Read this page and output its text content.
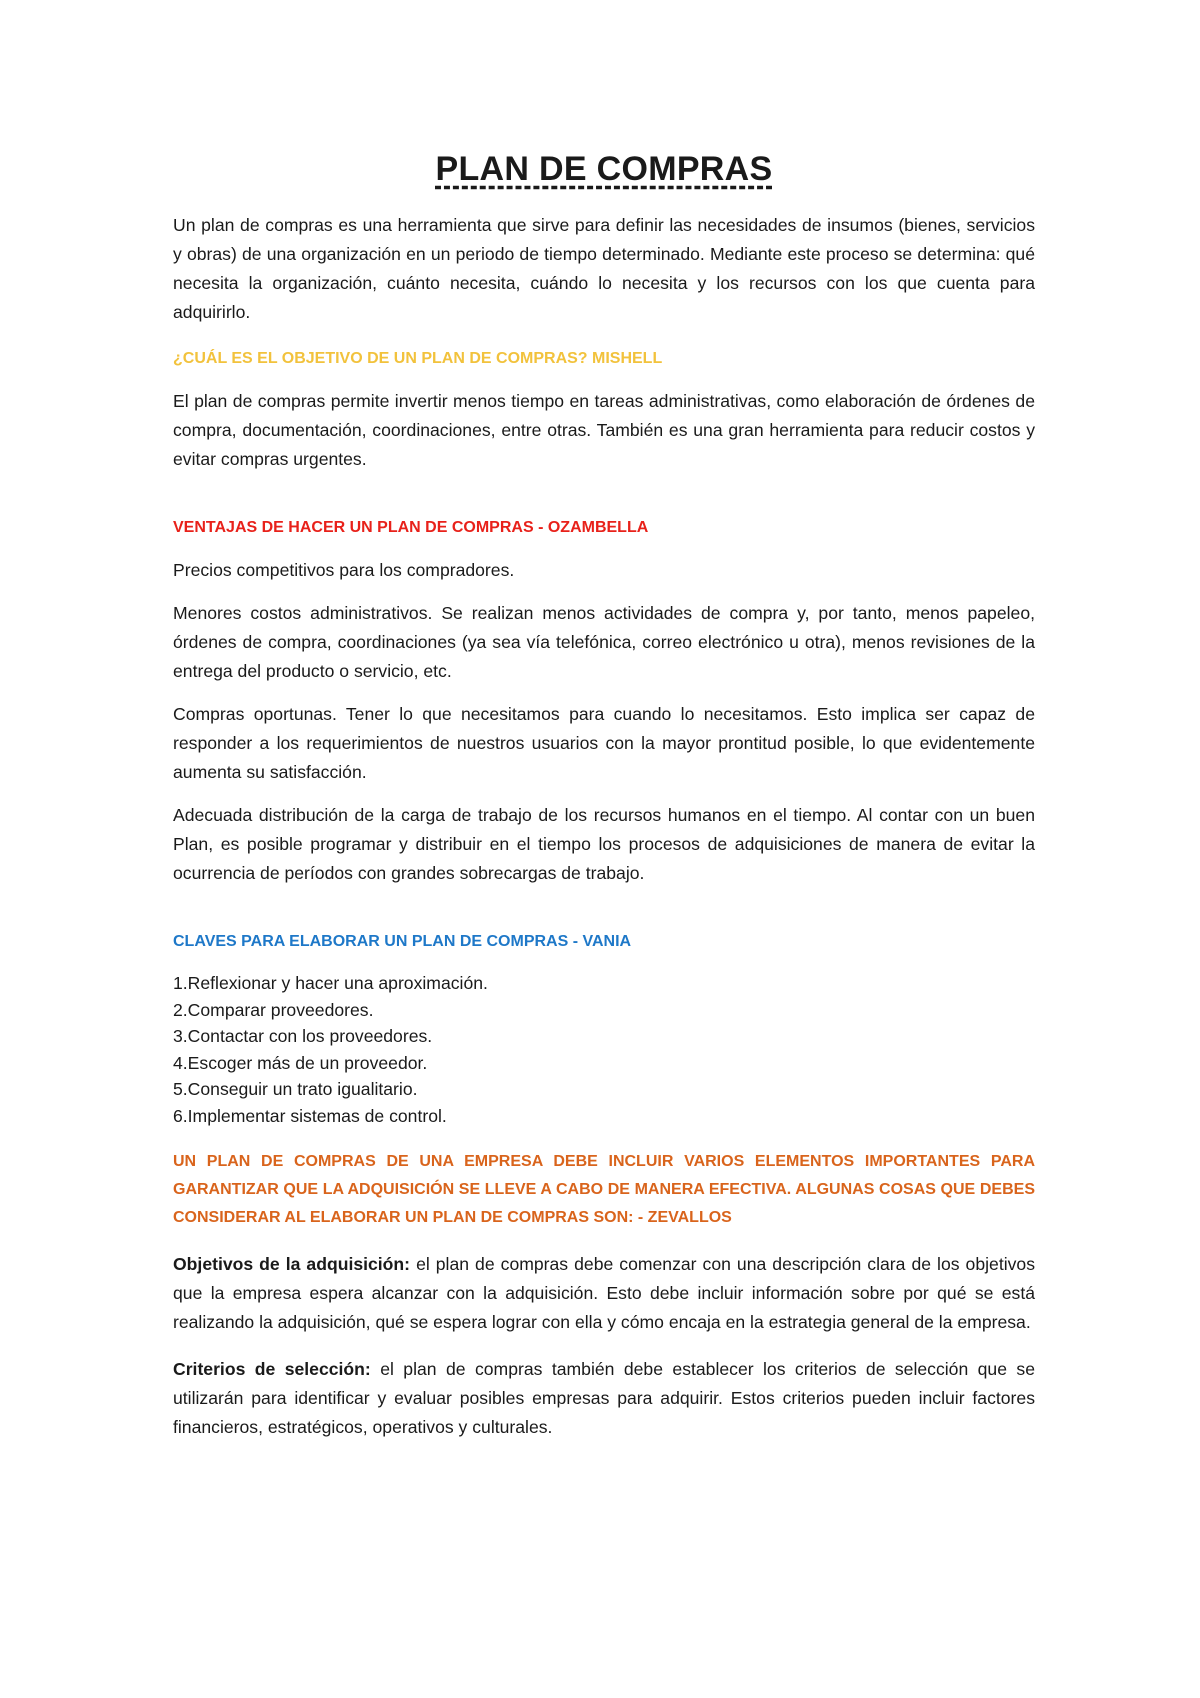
PLAN DE COMPRAS

Un plan de compras es una herramienta que sirve para definir las necesidades de insumos (bienes, servicios y obras) de una organización en un periodo de tiempo determinado. Mediante este proceso se determina: qué necesita la organización, cuánto necesita, cuándo lo necesita y los recursos con los que cuenta para adquirirlo.

¿CUÁL ES EL OBJETIVO DE UN PLAN DE COMPRAS? MISHELL

El plan de compras permite invertir menos tiempo en tareas administrativas, como elaboración de órdenes de compra, documentación, coordinaciones, entre otras. También es una gran herramienta para reducir costos y evitar compras urgentes.

VENTAJAS DE HACER UN PLAN DE COMPRAS - OZAMBELLA

Precios competitivos para los compradores.

Menores costos administrativos. Se realizan menos actividades de compra y, por tanto, menos papeleo, órdenes de compra, coordinaciones (ya sea vía telefónica, correo electrónico u otra), menos revisiones de la entrega del producto o servicio, etc.

Compras oportunas. Tener lo que necesitamos para cuando lo necesitamos. Esto implica ser capaz de responder a los requerimientos de nuestros usuarios con la mayor prontitud posible, lo que evidentemente aumenta su satisfacción.

Adecuada distribución de la carga de trabajo de los recursos humanos en el tiempo. Al contar con un buen Plan, es posible programar y distribuir en el tiempo los procesos de adquisiciones de manera de evitar la ocurrencia de períodos con grandes sobrecargas de trabajo.

CLAVES PARA ELABORAR UN PLAN DE COMPRAS - VANIA

1.Reflexionar y hacer una aproximación.
2.Comparar proveedores.
3.Contactar con los proveedores.
4.Escoger más de un proveedor.
5.Conseguir un trato igualitario.
6.Implementar sistemas de control.

UN PLAN DE COMPRAS DE UNA EMPRESA DEBE INCLUIR VARIOS ELEMENTOS IMPORTANTES PARA GARANTIZAR QUE LA ADQUISICIÓN SE LLEVE A CABO DE MANERA EFECTIVA. ALGUNAS COSAS QUE DEBES CONSIDERAR AL ELABORAR UN PLAN DE COMPRAS SON: - ZEVALLOS

Objetivos de la adquisición: el plan de compras debe comenzar con una descripción clara de los objetivos que la empresa espera alcanzar con la adquisición. Esto debe incluir información sobre por qué se está realizando la adquisición, qué se espera lograr con ella y cómo encaja en la estrategia general de la empresa.

Criterios de selección: el plan de compras también debe establecer los criterios de selección que se utilizarán para identificar y evaluar posibles empresas para adquirir. Estos criterios pueden incluir factores financieros, estratégicos, operativos y culturales.
